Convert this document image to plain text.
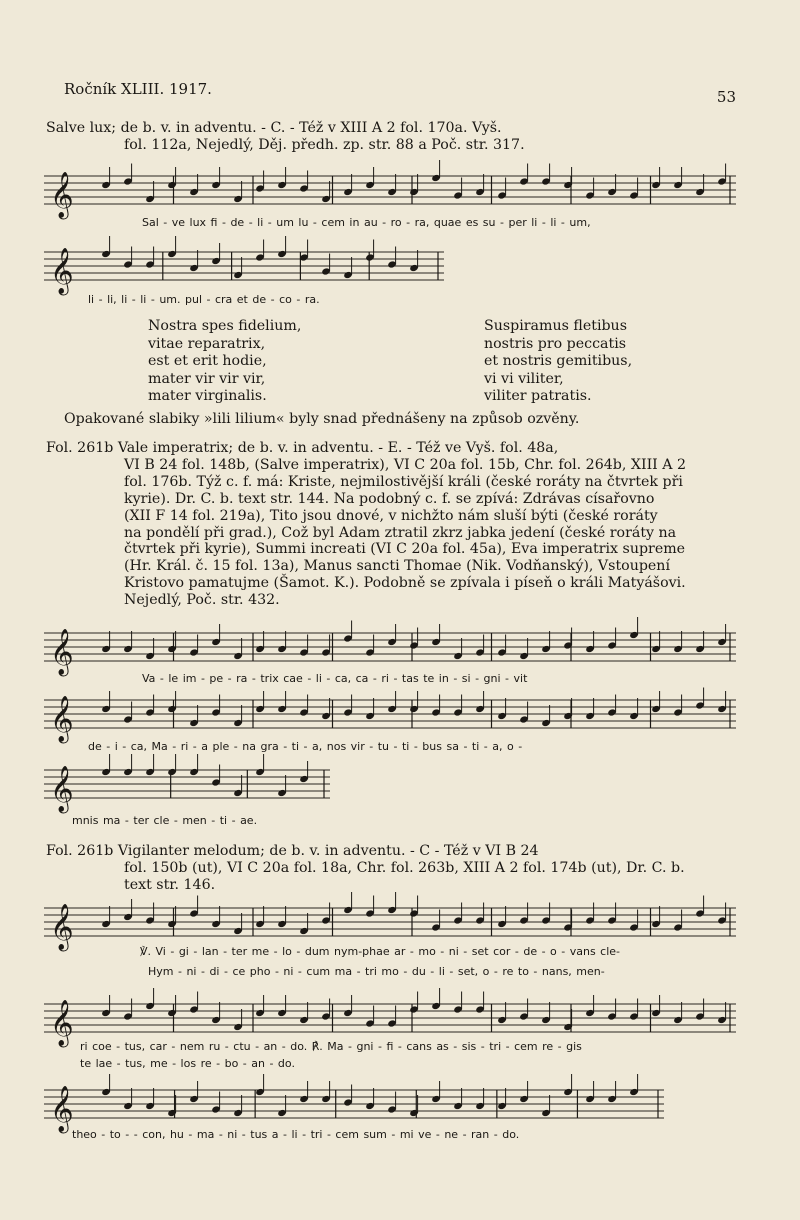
Ročník XLIII. 1917.	53
Salve lux; de b. v. in adventu. - C. - Též v XIII A 2 fol. 170a. Vyš.
fol. 112a, Nejedlý, Děj. předh. zp. str. 88 a Poč. str. 317.
𝄞
Sal - ve lux fi - de - li - um lu - cem in au - ro - ra, quae es su - per li - li - um,
𝄞
li - li, li - li - um. pul - cra et de - co - ra.
Nostra spes fidelium,
vitae reparatrix,
est et erit hodie,
mater vir vir vir,
mater virginalis.
Suspiramus fletibus
nostris pro peccatis
et nostris gemitibus,
vi vi viliter,
viliter patratis.
Opakované slabiky »lili lilium« byly snad přednášeny na způsob ozvěny.
Fol. 261b Vale imperatrix; de b. v. in adventu. - E. - Též ve Vyš. fol. 48a,
VI B 24 fol. 148b, (Salve imperatrix), VI C 20a fol. 15b, Chr. fol. 264b, XIII A 2
fol. 176b. Týž c. f. má: Kriste, nejmilostivější králi (české roráty na čtvrtek při
kyrie). Dr. C. b. text str. 144. Na podobný c. f. se zpívá: Zdrávas císařovno
(XII F 14 fol. 219a), Tito jsou dnové, v nichžto nám sluší býti (české roráty
na pondělí při grad.), Což byl Adam ztratil zkrz jabka jedení (české roráty na
čtvrtek při kyrie), Summi increati (VI C 20a fol. 45a), Eva imperatrix supreme
(Hr. Král. č. 15 fol. 13a), Manus sancti Thomae (Nik. Vodňanský), Vstoupení
Kristovo pamatujme (Šamot. K.). Podobně se zpívala i píseň o králi Matyášovi.
Nejedlý, Poč. str. 432.
𝄞
Va - le im - pe - ra - trix cae - li - ca, ca - ri - tas te in - si - gni - vit
𝄞
de - i - ca, Ma - ri - a ple - na gra - ti - a, nos vir - tu - ti - bus sa - ti - a, o -
𝄞
mnis ma - ter cle - men - ti - ae.
Fol. 261b Vigilanter melodum; de b. v. in adventu. - C - Též v VI B 24
fol. 150b (ut), VI C 20a fol. 18a, Chr. fol. 263b, XIII A 2 fol. 174b (ut), Dr. C. b.
text str. 146.
𝄞
℣. Vi - gi - lan - ter me - lo - dum nym-phae ar - mo - ni - set cor - de - o - vans cle-
Hym - ni - di - ce pho - ni - cum ma - tri mo - du - li - set, o - re to - nans, men-
𝄞
ri coe - tus, car - nem ru - ctu - an - do. ℟. Ma - gni - fi - cans as - sis - tri - cem re - gis
te lae - tus, me - los re - bo - an - do.
𝄞
theo - to - - con, hu - ma - ni - tus a - li - tri - cem sum - mi ve - ne - ran - do.
